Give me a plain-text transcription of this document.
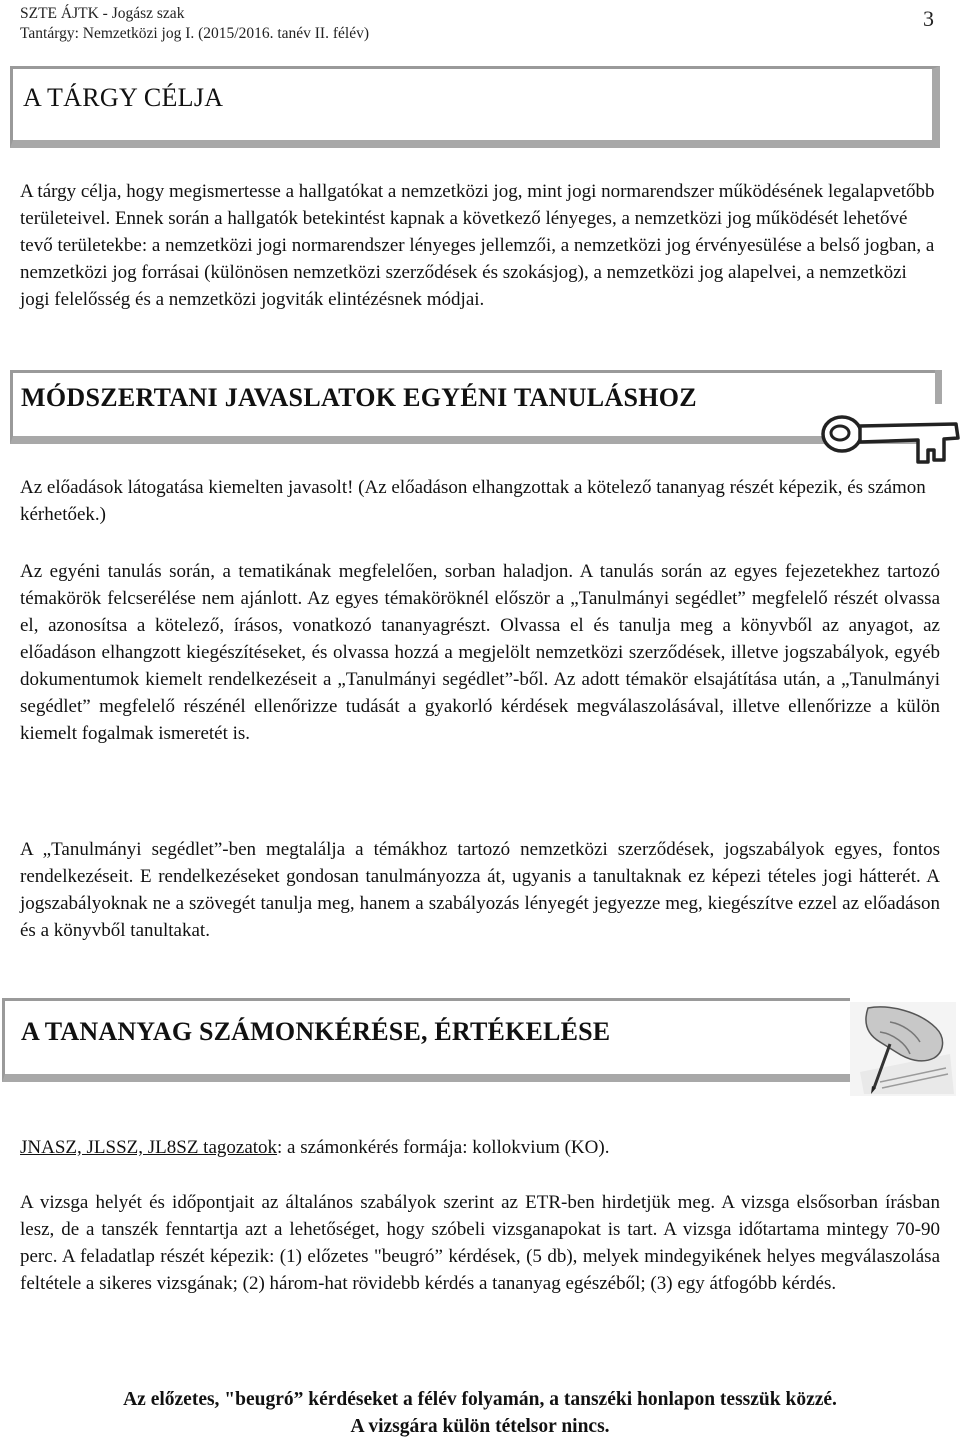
SZTE ÁJTK - Jogász szak
Tantárgy: Nemzetközi jog I. (2015/2016. tanév II. félév)
3
A TÁRGY CÉLJA

A tárgy célja, hogy megismertesse a hallgatókat a nemzetközi jog, mint jogi normarendszer működésének legalapvetőbb területeivel. Ennek során a hallgatók betekintést kapnak a következő lényeges, a nemzetközi jog működését lehetővé tevő területekbe: a nemzetközi jogi normarendszer lényeges jellemzői, a nemzetközi jog érvényesülése a belső jogban, a nemzetközi jog forrásai (különösen nemzetközi szerződések és szokásjog), a nemzetközi jog alapelvei, a nemzetközi jogi felelősség és a nemzetközi jogviták elintézésnek módjai.

MÓDSZERTANI JAVASLATOK EGYÉNI TANULÁSHOZ

Az előadások látogatása kiemelten javasolt! (Az előadáson elhangzottak a kötelező tananyag részét képezik, és számon kérhetőek.)

Az egyéni tanulás során, a tematikának megfelelően, sorban haladjon. A tanulás során az egyes fejezetekhez tartozó témakörök felcserélése nem ajánlott. Az egyes témaköröknél először a „Tanulmányi segédlet” megfelelő részét olvassa el, azonosítsa a kötelező, írásos, vonatkozó tananyagrészt. Olvassa el és tanulja meg a könyvből az anyagot, az előadáson elhangzott kiegészítéseket, és olvassa hozzá a megjelölt nemzetközi szerződések, illetve jogszabályok, egyéb dokumentumok kiemelt rendelkezéseit a „Tanulmányi segédlet”-ből. Az adott témakör elsajátítása után, a „Tanulmányi segédlet” megfelelő részénél ellenőrizze tudását a gyakorló kérdések megválaszolásával, illetve ellenőrizze a külön kiemelt fogalmak ismeretét is.

A „Tanulmányi segédlet”-ben megtalálja a témákhoz tartozó nemzetközi szerződések, jogszabályok egyes, fontos rendelkezéseit. E rendelkezéseket gondosan tanulmányozza át, ugyanis a tanultaknak ez képezi tételes jogi hátterét. A jogszabályoknak ne a szövegét tanulja meg, hanem a szabályozás lényegét jegyezze meg, kiegészítve ezzel az előadáson és a könyvből tanultakat.

A TANANYAG SZÁMONKÉRÉSE, ÉRTÉKELÉSE

JNASZ, JLSSZ, JL8SZ tagozatok: a számonkérés formája: kollokvium (KO).

A vizsga helyét és időpontjait az általános szabályok szerint az ETR-ben hirdetjük meg. A vizsga elsősorban írásban lesz, de a tanszék fenntartja azt a lehetőséget, hogy szóbeli vizsganapokat is tart. A vizsga időtartama mintegy 70-90 perc. A feladatlap részét képezik: (1) előzetes "beugró” kérdések, (5 db), melyek mindegyikének helyes megválaszolása feltétele a sikeres vizsgának; (2) három-hat rövidebb kérdés a tananyag egészéből; (3) egy átfogóbb kérdés.

Az előzetes, "beugró” kérdéseket a félév folyamán, a tanszéki honlapon tesszük közzé.
A vizsgára külön tételsor nincs.
